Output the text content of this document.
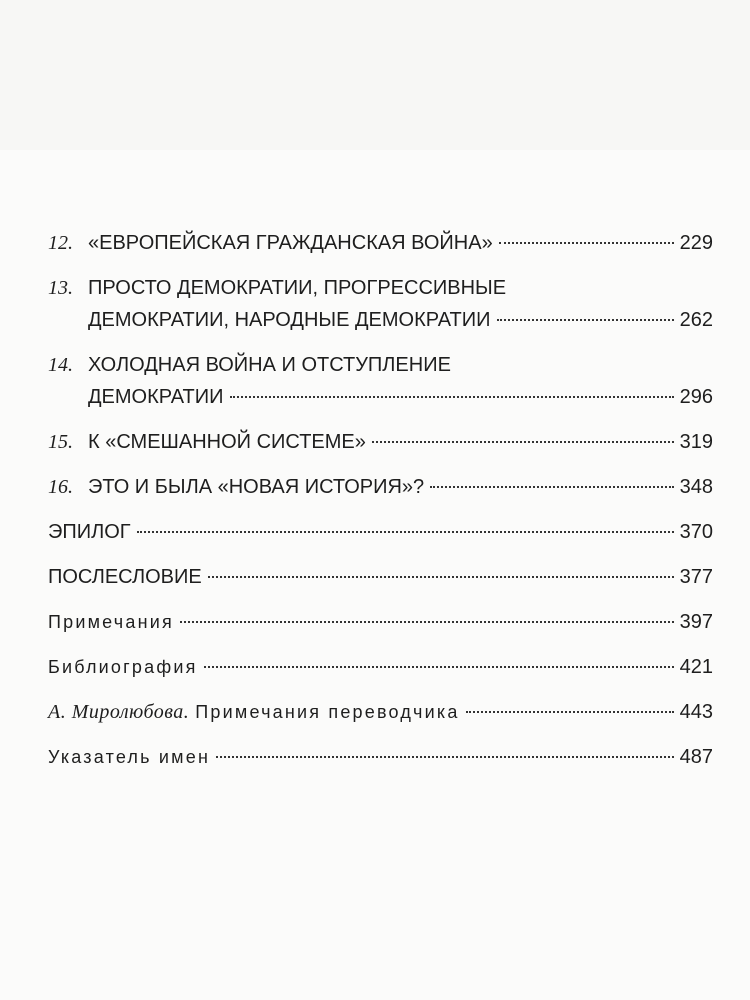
12. «ЕВРОПЕЙСКАЯ ГРАЖДАНСКАЯ ВОЙНА»	229
13. ПРОСТО ДЕМОКРАТИИ, ПРОГРЕССИВНЫЕ
ДЕМОКРАТИИ, НАРОДНЫЕ ДЕМОКРАТИИ	262
14. ХОЛОДНАЯ ВОЙНА И ОТСТУПЛЕНИЕ
ДЕМОКРАТИИ	296
15. К «СМЕШАННОЙ СИСТЕМЕ»	319
16. ЭТО И БЫЛА «НОВАЯ ИСТОРИЯ»?	348
ЭПИЛОГ	370
ПОСЛЕСЛОВИЕ	377
Примечания	397
Библиография	421
А. Миролюбова. Примечания переводчика	443
Указатель имен	487
